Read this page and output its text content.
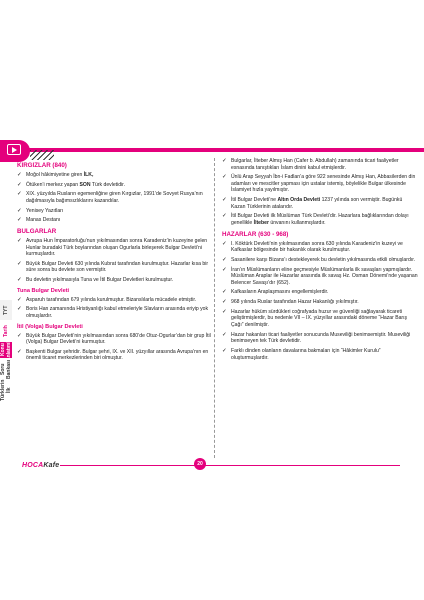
TYT
Tarih
Konu Anlatımlı
Soru Bankası
Türklerin İlk
KIRGIZLAR (840)
✓ Moğol hâkimiyetine giren İLK,
✓ Ötüken’i merkez yapan SON Türk devletidir.
✓ XIX. yüzyılda Rusların egemenliğine giren Kırgızlar, 1991’de Sovyet Rusya’nın dağılmasıyla bağımsızlıklarını kazandılar.
✓ Yenisey Yazıtları
✓ Manas Destanı
BULGARLAR
✓ Avrupa Hun İmparatorluğu’nun yıkılmasından sonra Karadeniz’in kuzeyine gelen Hunlar buradaki Türk boylarından oluşan Ogurlarla birleşerek Bulgar Devleti’ni kurmuşlardır.
✓ Büyük Bulgar Devleti 630 yılında Kubrat tarafından kurulmuştur. Hazarlar kısa bir süre sonra bu devlete son vermiştir.
✓ Bu devletin yıkılmasıyla Tuna ve İtil Bulgar Devletleri kurulmuştur.
Tuna Bulgar Devleti
✓ Asparuh tarafından 679 yılında kurulmuştur. Bizanslılarla mücadele etmiştir.
✓ Boris Han zamanında Hristiyanlığı kabul etmeleriyle Slavların arasında eriyip yok olmuşlardır.
İtil (Volga) Bulgar Devleti
✓ Büyük Bulgar Devleti’nin yıkılmasından sonra 680’de Otuz-Ogurlar’dan bir grup İtil (Volga) Bulgar Devleti’ni kurmuştur.
✓ Başkenti Bulgar şehridir. Bulgar şehri, IX. ve XII. yüzyıllar arasında Avrupa’nın en önemli ticaret merkezlerinden biri olmuştur.
✓ Bulgarlar, İlteber Almış Han (Cafer b. Abdullah) zamanında ticari faaliyetler esnasında tanıştıkları İslam dinini kabul etmişlerdir.
✓ Ünlü Arap Seyyah İbn-i Fadlan’a göre 922 senesinde Almış Han, Abbasilerden din adamları ve mescitler yapması için ustalar istemiş, böylelikle Bulgar ülkesinde İslamiyet hızla yayılmıştır.
✓ İtil Bulgar Devleti’ne Altın Orda Devleti 1237 yılında son vermiştir. Bugünkü Kazan Türklerinin atalarıdır.
✓ İtil Bulgar Devleti ilk Müslüman Türk Devleti’dir. Hazarlara bağlıklarından dolayı genellikle İlteber ünvanını kullanmışlardır.
HAZARLAR (630 - 968)
✓ I. Köktürk Devleti’nin yıkılmasından sonra 630 yılında Karadeniz’in kuzeyi ve Kafkaslar bölgesinde bir hakanlık olarak kurulmuştur.
✓ Sasanilere karşı Bizans’ı destekleyerek bu devletin yıkılmasında etkili olmuşlardır.
✓ İran’ın Müslümanların eline geçmesiyle Müslümanlarla ilk savaşları yapmışlardır. Müslüman Araplar ile Hazarlar arasında ilk savaş Hz. Osman Dönemi’nde yaşanan Belencer Savaşı’dır (652).
✓ Kafkasların Araplaşmasını engellemişlerdir.
✓ 968 yılında Ruslar tarafından Hazar Hakanlığı yıkılmıştır.
✓ Hazarlar hüküm sürdükleri coğrafyada huzur ve güvenliği sağlayarak ticareti geliştirmişlerdir, bu nedenle VII – IX. yüzyıllar arasındaki döneme “Hazar Barış Çağı” denilmiştir.
✓ Hazar hakanları ticari faaliyetler sonucunda Museviliği benimsemiştir. Museviliği benimseyen tek Türk devletidir.
✓ Farklı dinden olanların davalarına bakmaları için “Hâkimler Kurulu” oluşturmuşlardır.
HOCAKafe	20
